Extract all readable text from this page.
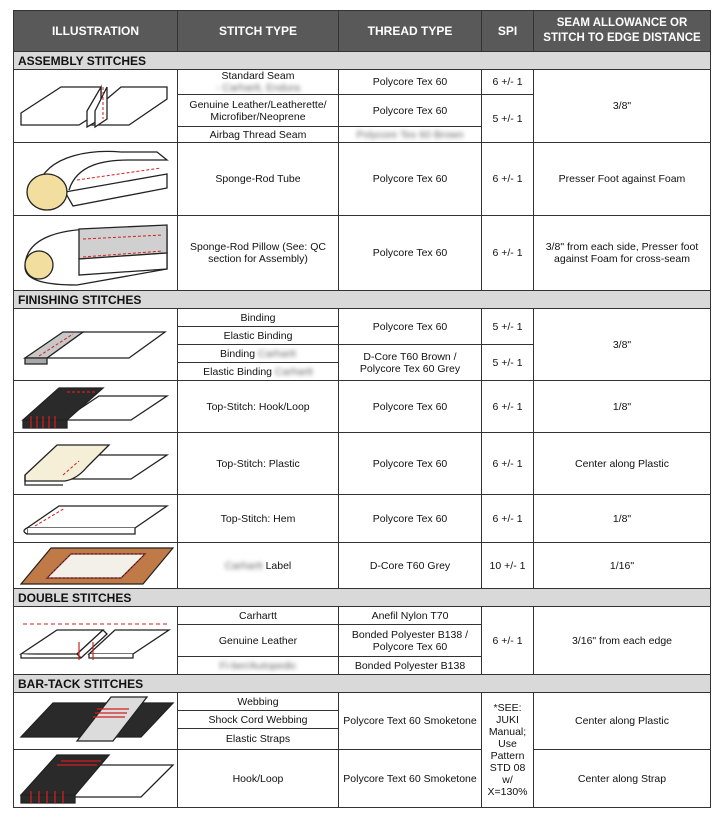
ILLUSTRATION	STITCH TYPE	THREAD TYPE	SPI	SEAM ALLOWANCE OR
STITCH TO EDGE DISTANCE
ASSEMBLY STITCHES				

	Standard Seam - Carhartt, Endura	Polycore Tex 60	6 +/- 1	3/8"
	Genuine Leather/Leatherette/ Microfiber/Neoprene	Polycore Tex 60	5 +/- 1	
	Airbag Thread Seam	Polycore Tex 60 Brown		

	Sponge-Rod Tube	Polycore Tex 60	6 +/- 1	Presser Foot against Foam

	Sponge-Rod Pillow (See: QC section for Assembly)	Polycore Tex 60	6 +/- 1	3/8" from each side, Presser foot against Foam for cross-seam
FINISHING STITCHES				

	Binding	Polycore Tex 60	5 +/- 1	3/8"
	Elastic Binding			
	Binding Carhartt	D-Core T60 Brown / Polycore Tex 60 Grey	5 +/- 1	
	Elastic Binding Carhartt			

	Top-Stitch: Hook/Loop	Polycore Tex 60	6 +/- 1	1/8"

	Top-Stitch: Plastic	Polycore Tex 60	6 +/- 1	Center along Plastic

	Top-Stitch: Hem	Polycore Tex 60	6 +/- 1	1/8"

	Carhartt Label	D-Core T60 Grey	10 +/- 1	1/16"
DOUBLE STITCHES				

	Carhartt	Anefil Nylon T70	6 +/- 1	3/16" from each edge
	Genuine Leather	Bonded Polyester B138 / Polycore Tex 60		
	Fi-ber/Autopedic	Bonded Polyester B138		
BAR-TACK STITCHES				

	Webbing	Polycore Text 60 Smoketone	*SEE: JUKI Manual; Use Pattern STD 08 w/ X=130%	Center along Plastic
	Shock Cord Webbing			
	Elastic Straps			

	Hook/Loop	Polycore Text 60 Smoketone		Center along Strap
